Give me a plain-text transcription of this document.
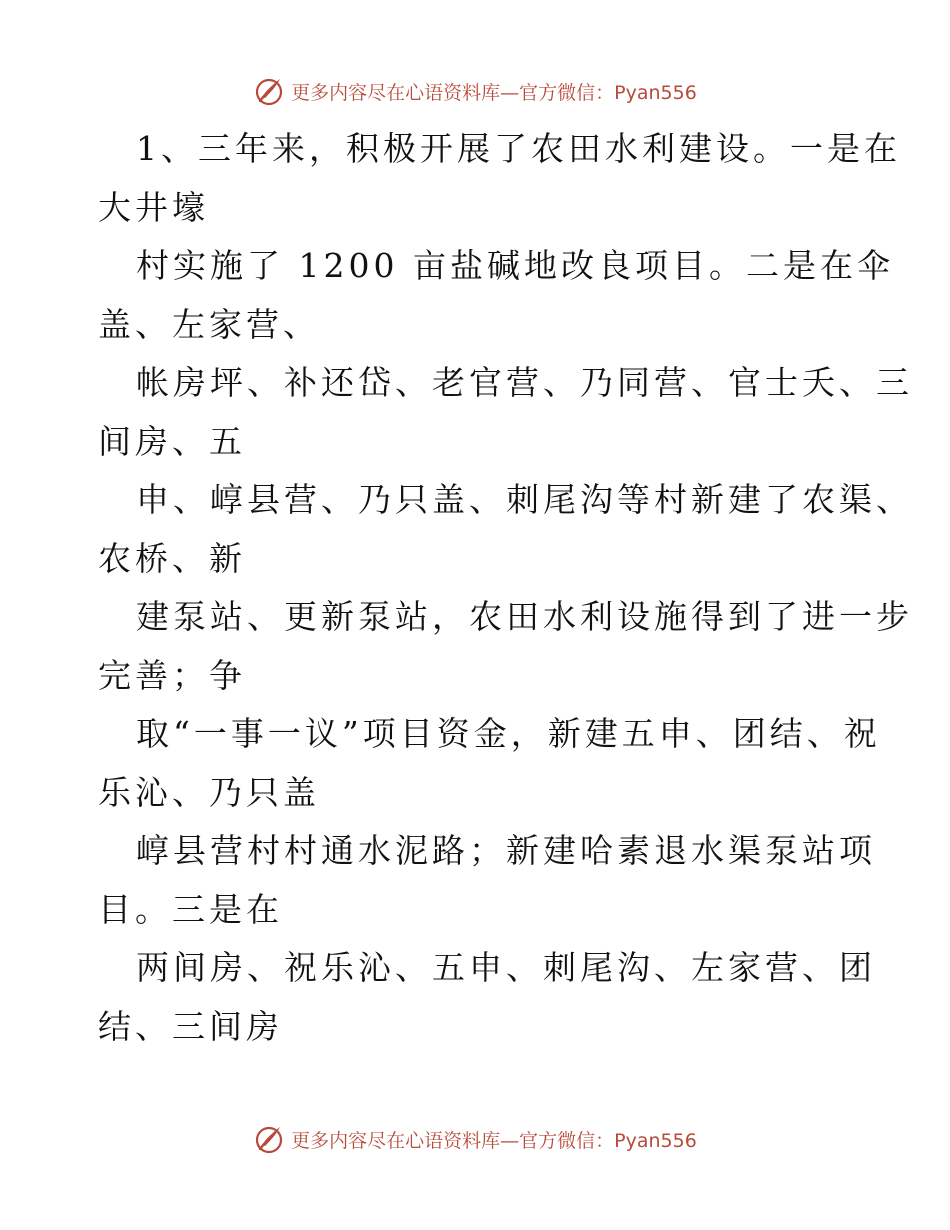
更多内容尽在心语资料库—官方微信：Pyan556
1、三年来，积极开展了农田水利建设。一是在
大井壕
村实施了 1200 亩盐碱地改良项目。二是在伞
盖、左家营、
帐房坪、补还岱、老官营、乃同营、官士夭、三
间房、五
申、崞县营、乃只盖、刺尾沟等村新建了农渠、
农桥、新
建泵站、更新泵站，农田水利设施得到了进一步
完善；争
取“一事一议”项目资金，新建五申、团结、祝
乐沁、乃只盖
崞县营村村通水泥路；新建哈素退水渠泵站项
目。三是在
两间房、祝乐沁、五申、刺尾沟、左家营、团
结、三间房
更多内容尽在心语资料库—官方微信：Pyan556
